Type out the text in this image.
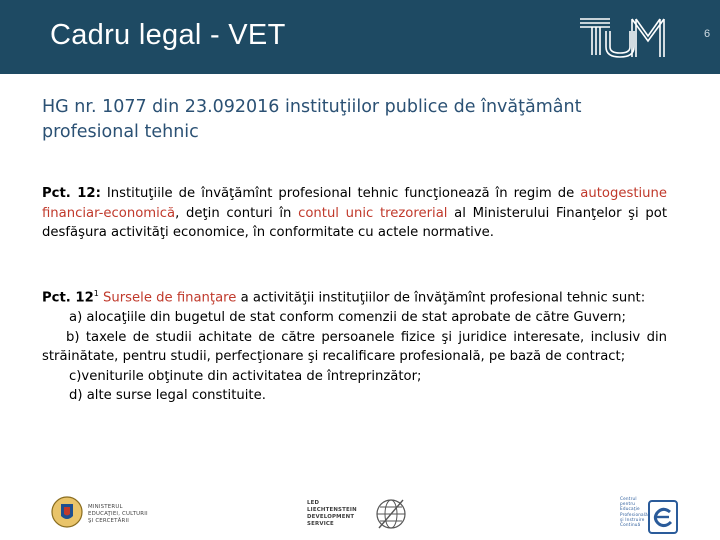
Cadru legal - VET
TUM
6
HG nr. 1077 din 23.092016 instituţiilor publice de învăţământ profesional tehnic
Pct. 12: Instituţiile de învăţămînt profesional tehnic funcţionează în regim de autogestiune financiar-economică, deţin conturi în contul unic trezorerial al Ministerului Finanţelor şi pot desfăşura activităţi economice, în conformitate cu actele normative.
Pct. $12^1$ Sursele de finanţare a activităţii instituţiilor de învăţămînt profesional tehnic sunt:
a) alocaţiile din bugetul de stat conform comenzii de stat aprobate de către Guvern;
b) taxele de studii achitate de către persoanele fizice şi juridice interesate, inclusiv din străinătate, pentru studii, perfecţionare şi recalificare profesională, pe bază de contract;
c)veniturile obţinute din activitatea de întreprinzător;
d) alte surse legal constituite.
MINISTERUL
EDUCAŢIEI, CULTURII
ŞI CERCETĂRII
LED LIECHTENSTEIN
DEVELOPMENT
SERVICE
Centrul
pentru
Educaţie
Profesională
şi Instruire
Continuă
